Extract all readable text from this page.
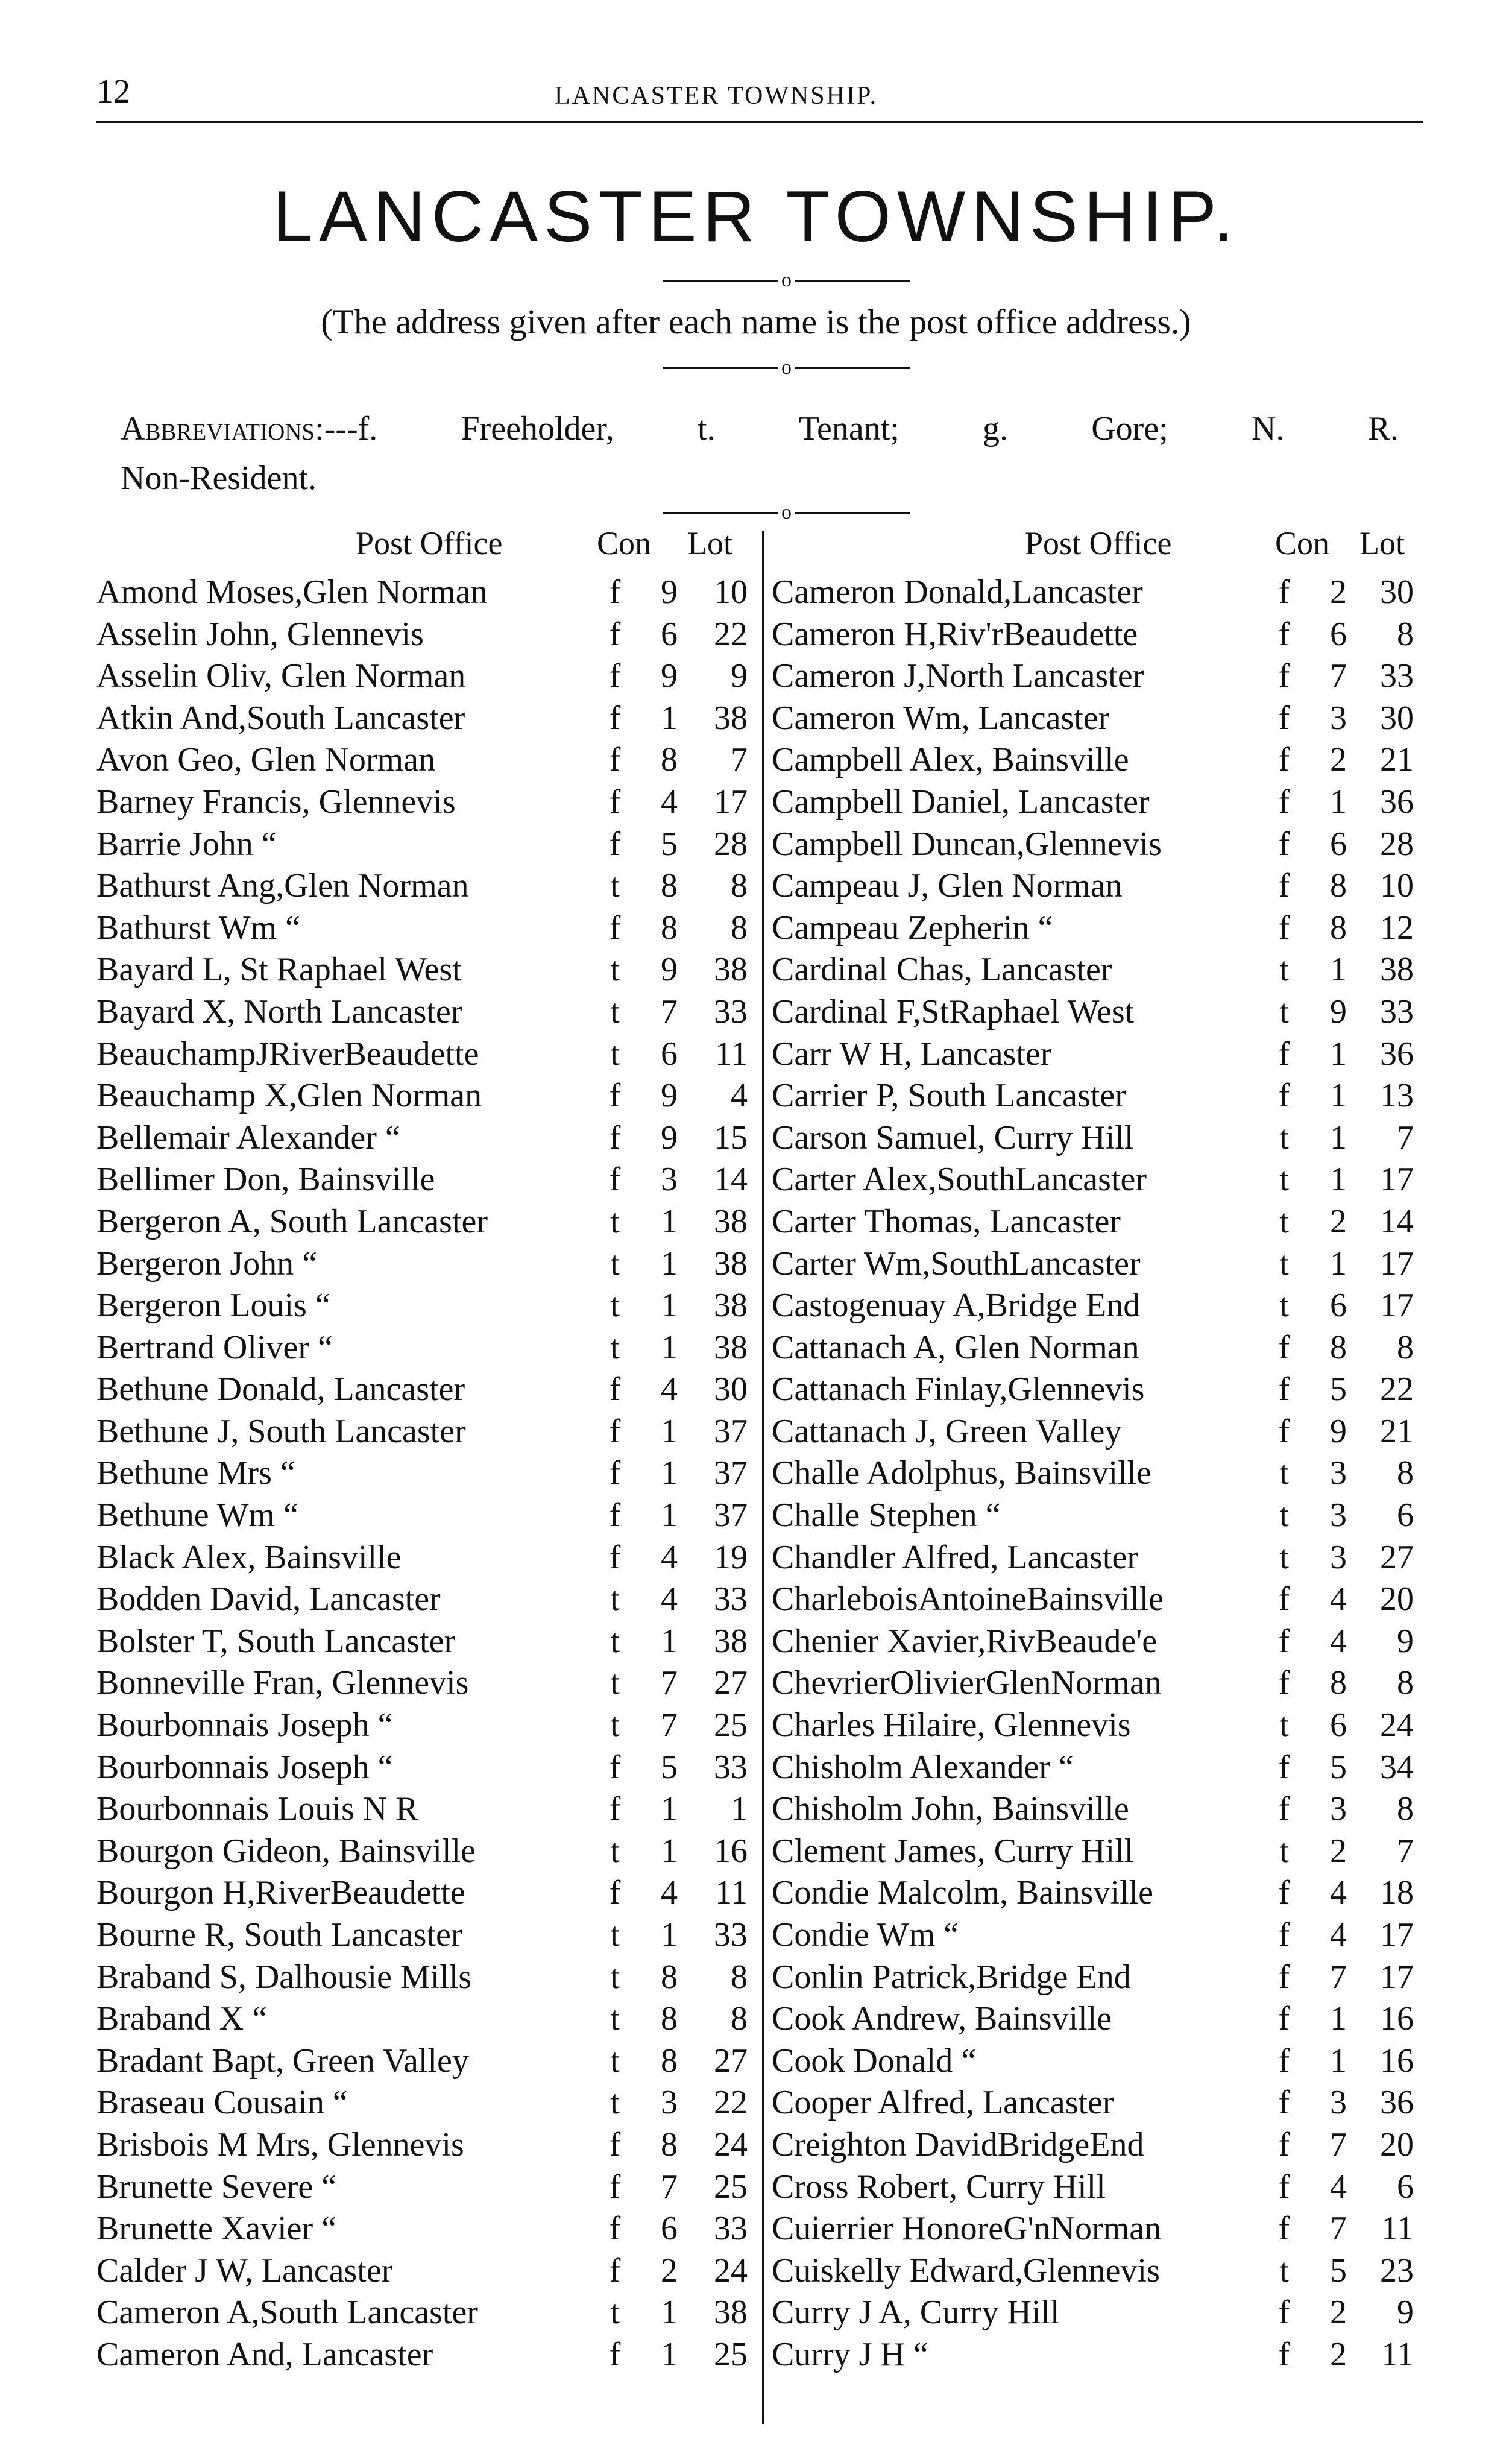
12	LANCASTER TOWNSHIP.
LANCASTER TOWNSHIP.
o
(The address given after each name is the post office address.)
o
Abbreviations:---f. Freeholder, t. Tenant; g. Gore; N. R.
Non-Resident.
o
Post Office	Con Lot	Post Office	Con Lot
Amond Moses,Glen Norman	f 9	10
Asselin John, Glennevis	f 6	22
Asselin Oliv, Glen Norman	f 9	9
Atkin And,South Lancaster	f 1	38
Avon Geo, Glen Norman	f 8	7
Barney Francis, Glennevis	f 4	17
Barrie John “	f 5	28
Bathurst Ang,Glen Norman	t 8	8
Bathurst Wm “	f 8	8
Bayard L, St Raphael West	t 9	38
Bayard X, North Lancaster	t 7	33
BeauchampJRiverBeaudette	t 6	11
Beauchamp X,Glen Norman	f 9	4
Bellemair Alexander “	f 9	15
Bellimer Don, Bainsville	f 3	14
Bergeron A, South Lancaster	t 1	38
Bergeron John “	t 1	38
Bergeron Louis “	t 1	38
Bertrand Oliver “	t 1	38
Bethune Donald, Lancaster	f 4	30
Bethune J, South Lancaster	f 1	37
Bethune Mrs “	f 1	37
Bethune Wm “	f 1	37
Black Alex, Bainsville	f 4	19
Bodden David, Lancaster	t 4	33
Bolster T, South Lancaster	t 1	38
Bonneville Fran, Glennevis	t 7	27
Bourbonnais Joseph “	t 7	25
Bourbonnais Joseph “	f 5	33
Bourbonnais Louis N R	f 1	1
Bourgon Gideon, Bainsville	t 1	16
Bourgon H,RiverBeaudette	f 4	11
Bourne R, South Lancaster	t 1	33
Braband S, Dalhousie Mills	t 8	8
Braband X “	t 8	8
Bradant Bapt, Green Valley	t 8	27
Braseau Cousain “	t 3	22
Brisbois M Mrs, Glennevis	f 8	24
Brunette Severe “	f 7	25
Brunette Xavier “	f 6	33
Calder J W, Lancaster	f 2	24
Cameron A,South Lancaster	t 1	38
Cameron And, Lancaster	f 1	25
Cameron Donald,Lancaster	f 2 30
Cameron H,Riv'rBeaudette	f 6	8
Cameron J,North Lancaster	f 7 33
Cameron Wm, Lancaster	f 3 30
Campbell Alex, Bainsville	f 2 21
Campbell Daniel, Lancaster	f 1 36
Campbell Duncan,Glennevis	f 6 28
Campeau J, Glen Norman	f 8 10
Campeau Zepherin “	f 8 12
Cardinal Chas, Lancaster	t 1 38
Cardinal F,StRaphael West	t 9 33
Carr W H, Lancaster	f 1 36
Carrier P, South Lancaster	f 1 13
Carson Samuel, Curry Hill	t 1	7
Carter Alex,SouthLancaster	t 1 17
Carter Thomas, Lancaster	t 2 14
Carter Wm,SouthLancaster	t 1 17
Castogenuay A,Bridge End	t 6 17
Cattanach A, Glen Norman	f 8	8
Cattanach Finlay,Glennevis	f 5 22
Cattanach J, Green Valley	f 9 21
Challe Adolphus, Bainsville	t 3	8
Challe Stephen “	t 3	6
Chandler Alfred, Lancaster	t 3 27
CharleboisAntoineBainsville	f 4 20
Chenier Xavier,RivBeaude'e	f 4	9
ChevrierOlivierGlenNorman	f 8	8
Charles Hilaire, Glennevis	t 6 24
Chisholm Alexander “	f 5 34
Chisholm John, Bainsville	f 3	8
Clement James, Curry Hill	t 2	7
Condie Malcolm, Bainsville	f 4 18
Condie Wm “	f 4 17
Conlin Patrick,Bridge End	f 7 17
Cook Andrew, Bainsville	f 1 16
Cook Donald “	f 1 16
Cooper Alfred, Lancaster	f 3 36
Creighton DavidBridgeEnd	f 7 20
Cross Robert, Curry Hill	f 4	6
Cuierrier HonoreG'nNorman	f 7	11
Cuiskelly Edward,Glennevis	t 5 23
Curry J A, Curry Hill	f 2	9
Curry J H “	f 2	11
